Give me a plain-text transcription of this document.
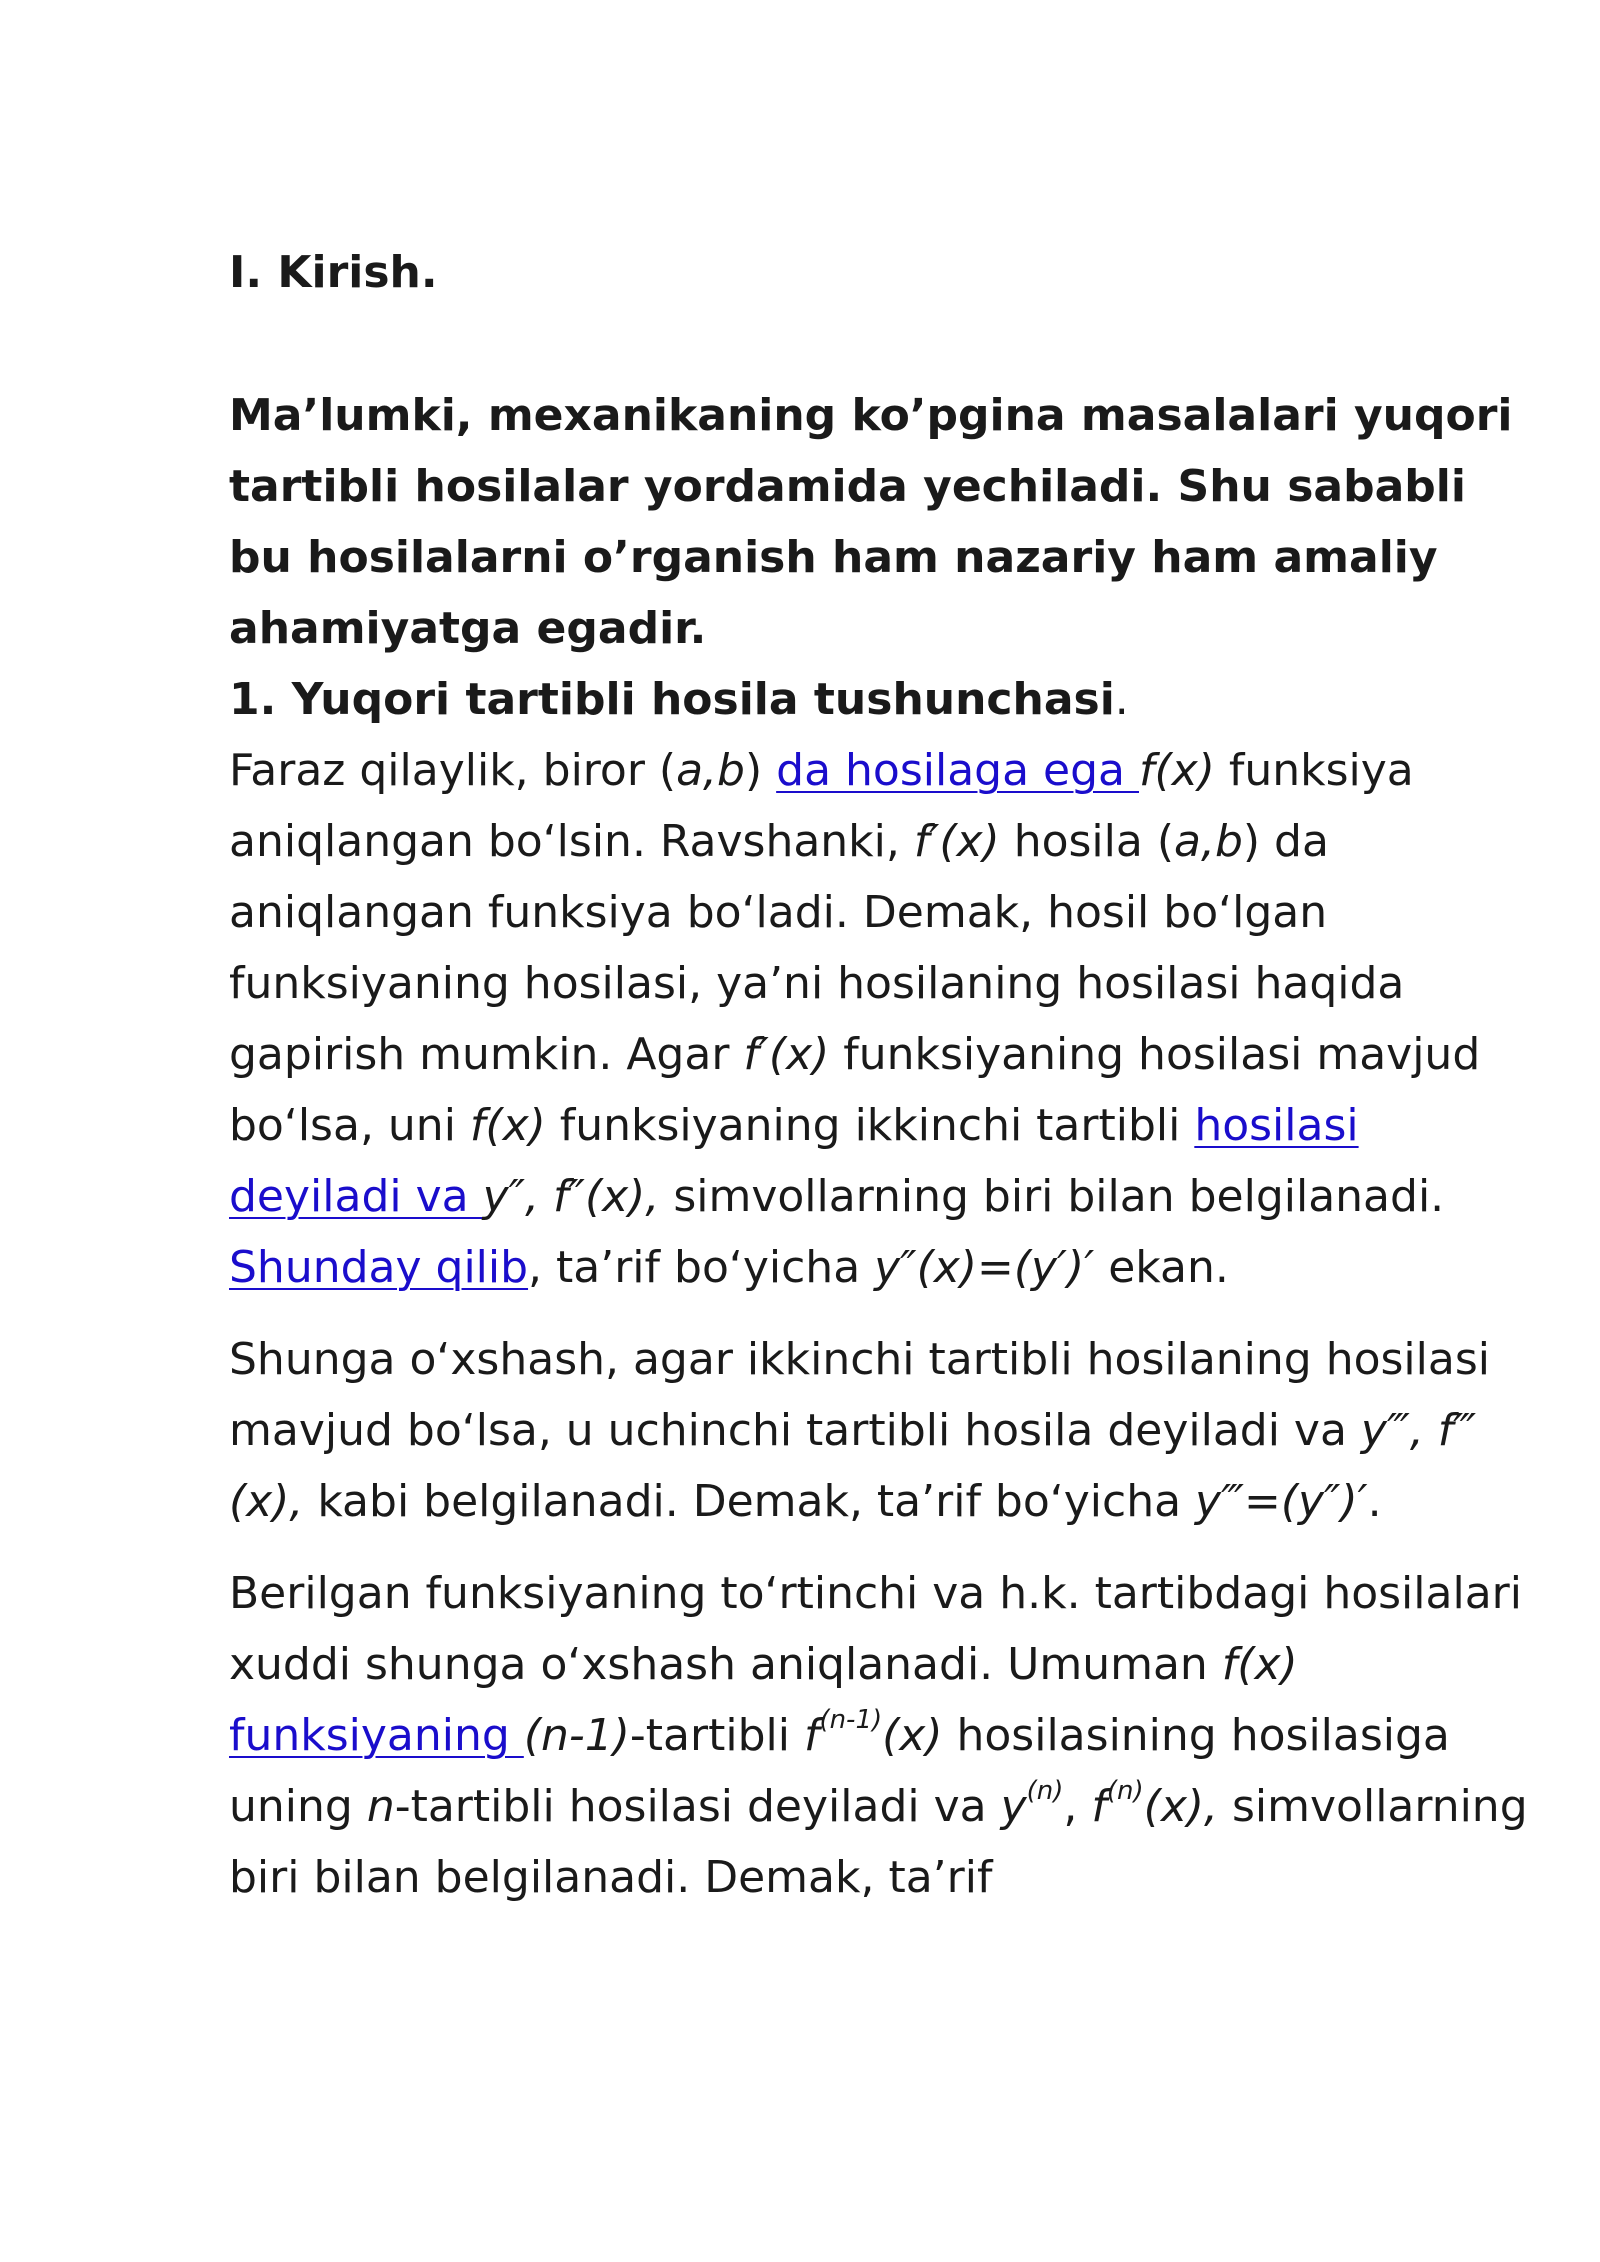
I. Kirish.

Ma’lumki, mexanikaning ko’pgina masalalari yuqori tartibli hosilalar yordamida yechiladi. Shu sababli bu hosilalarni o’rganish ham nazariy ham amaliy ahamiyatga egadir.

1. Yuqori tartibli hosila tushunchasi.

Faraz qilaylik, biror (a,b) da hosilaga ega f(x) funksiya aniqlangan boʻlsin. Ravshanki, f′(x) hosila (a,b) da aniqlangan funksiya boʻladi. Demak, hosil boʻlgan funksiyaning hosilasi, ya’ni hosilaning hosilasi haqida gapirish mumkin. Agar f′(x) funksiyaning hosilasi mavjud boʻlsa, uni f(x) funksiyaning ikkinchi tartibli hosilasi deyiladi va y″, f″(x), simvollarning biri bilan belgilanadi. Shunday qilib, ta’rif boʻyicha y″(x)=(y′)′ ekan.

Shunga oʻxshash, agar ikkinchi tartibli hosilaning hosilasi mavjud boʻlsa, u uchinchi tartibli hosila deyiladi va y‴, f‴(x), kabi belgilanadi. Demak, ta’rif boʻyicha y‴=(y″)′.

Berilgan funksiyaning toʻrtinchi va h.k. tartibdagi hosilalari xuddi shunga oʻxshash aniqlanadi. Umuman f(x) funksiyaning (n-1)-tartibli $f^{(n-1)}(x)$ hosilasining hosilasiga uning n-tartibli hosilasi deyiladi va $y^{(n)}$, $f^{(n)}(x)$, simvollarning biri bilan belgilanadi. Demak, ta’rif
